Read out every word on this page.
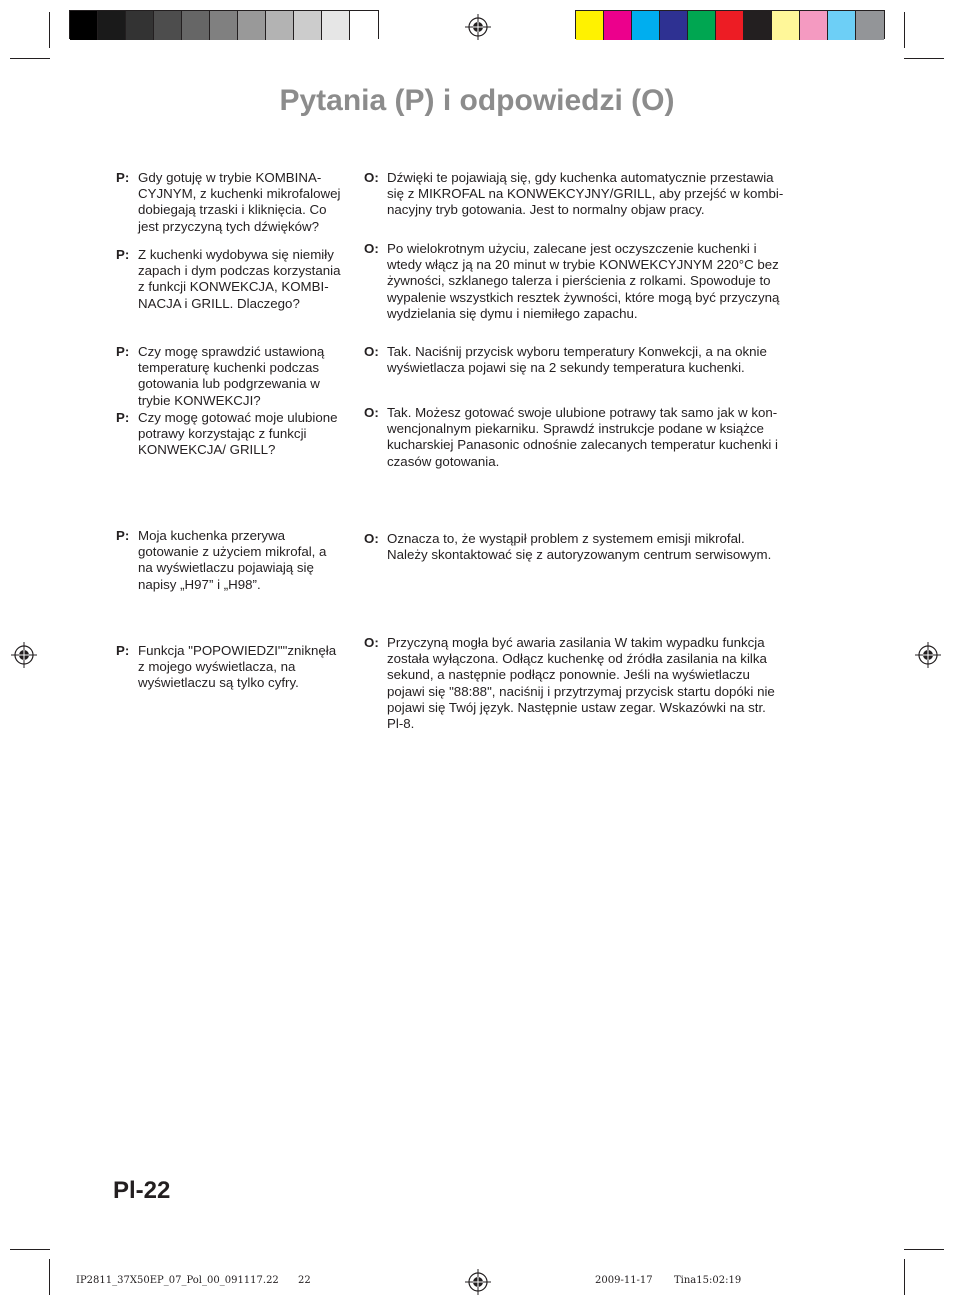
Pytania (P) i odpowiedzi (O)
P: Gdy gotuję w trybie KOMBINA-
CYJNYM, z kuchenki mikrofalowej
dobiegają trzaski i kliknięcia. Co
jest przyczyną tych dźwięków?
O: Dźwięki te pojawiają się, gdy kuchenka automatycznie przestawia
się z MIKROFAL na KONWEKCYJNY/GRILL, aby przejść w kombi-
nacyjny tryb gotowania. Jest to normalny objaw pracy.
P: Z kuchenki wydobywa się niemiły
zapach i dym podczas korzystania
z funkcji KONWEKCJA, KOMBI-
NACJA i GRILL. Dlaczego?
O: Po wielokrotnym użyciu, zalecane jest oczyszczenie kuchenki i
wtedy włącz ją na 20 minut w trybie KONWEKCYJNYM 220°C bez
żywności, szklanego talerza i pierścienia z rolkami. Spowoduje to
wypalenie wszystkich resztek żywności, które mogą być przyczyną
wydzielania się dymu i niemiłego zapachu.
P: Czy mogę sprawdzić ustawioną
temperaturę kuchenki podczas
gotowania lub podgrzewania w
trybie KONWEKCJI?
O: Tak. Naciśnij przycisk wyboru temperatury Konwekcji, a na oknie
wyświetlacza pojawi się na 2 sekundy temperatura kuchenki.
P: Czy mogę gotować moje ulubione
potrawy korzystając z funkcji
KONWEKCJA/ GRILL?
O: Tak. Możesz gotować swoje ulubione potrawy tak samo jak w kon-
wencjonalnym piekarniku. Sprawdź instrukcje podane w książce
kucharskiej Panasonic odnośnie zalecanych temperatur kuchenki i
czasów gotowania.
P: Moja kuchenka przerywa
gotowanie z użyciem mikrofal, a
na wyświetlaczu pojawiają się
napisy „H97” i „H98”.
O: Oznacza to, że wystąpił problem z systemem emisji mikrofal.
Należy skontaktować się z autoryzowanym centrum serwisowym.
P: Funkcja "POPOWIEDZI""zniknęła
z mojego wyświetlacza, na
wyświetlaczu są tylko cyfry.
O: Przyczyną mogła być awaria zasilania W takim wypadku funkcja
została wyłączona. Odłącz kuchenkę od źródła zasilania na kilka
sekund, a następnie podłącz ponownie. Jeśli na wyświetlaczu
pojawi się "88:88", naciśnij i przytrzymaj przycisk startu dopóki nie
pojawi się Twój język. Następnie ustaw zegar. Wskazówki na str.
Pl-8.
Pl-22
IP2811_37X50EP_07_Pol_00_091117.22 22	2009-11-17 Tina15:02:19
